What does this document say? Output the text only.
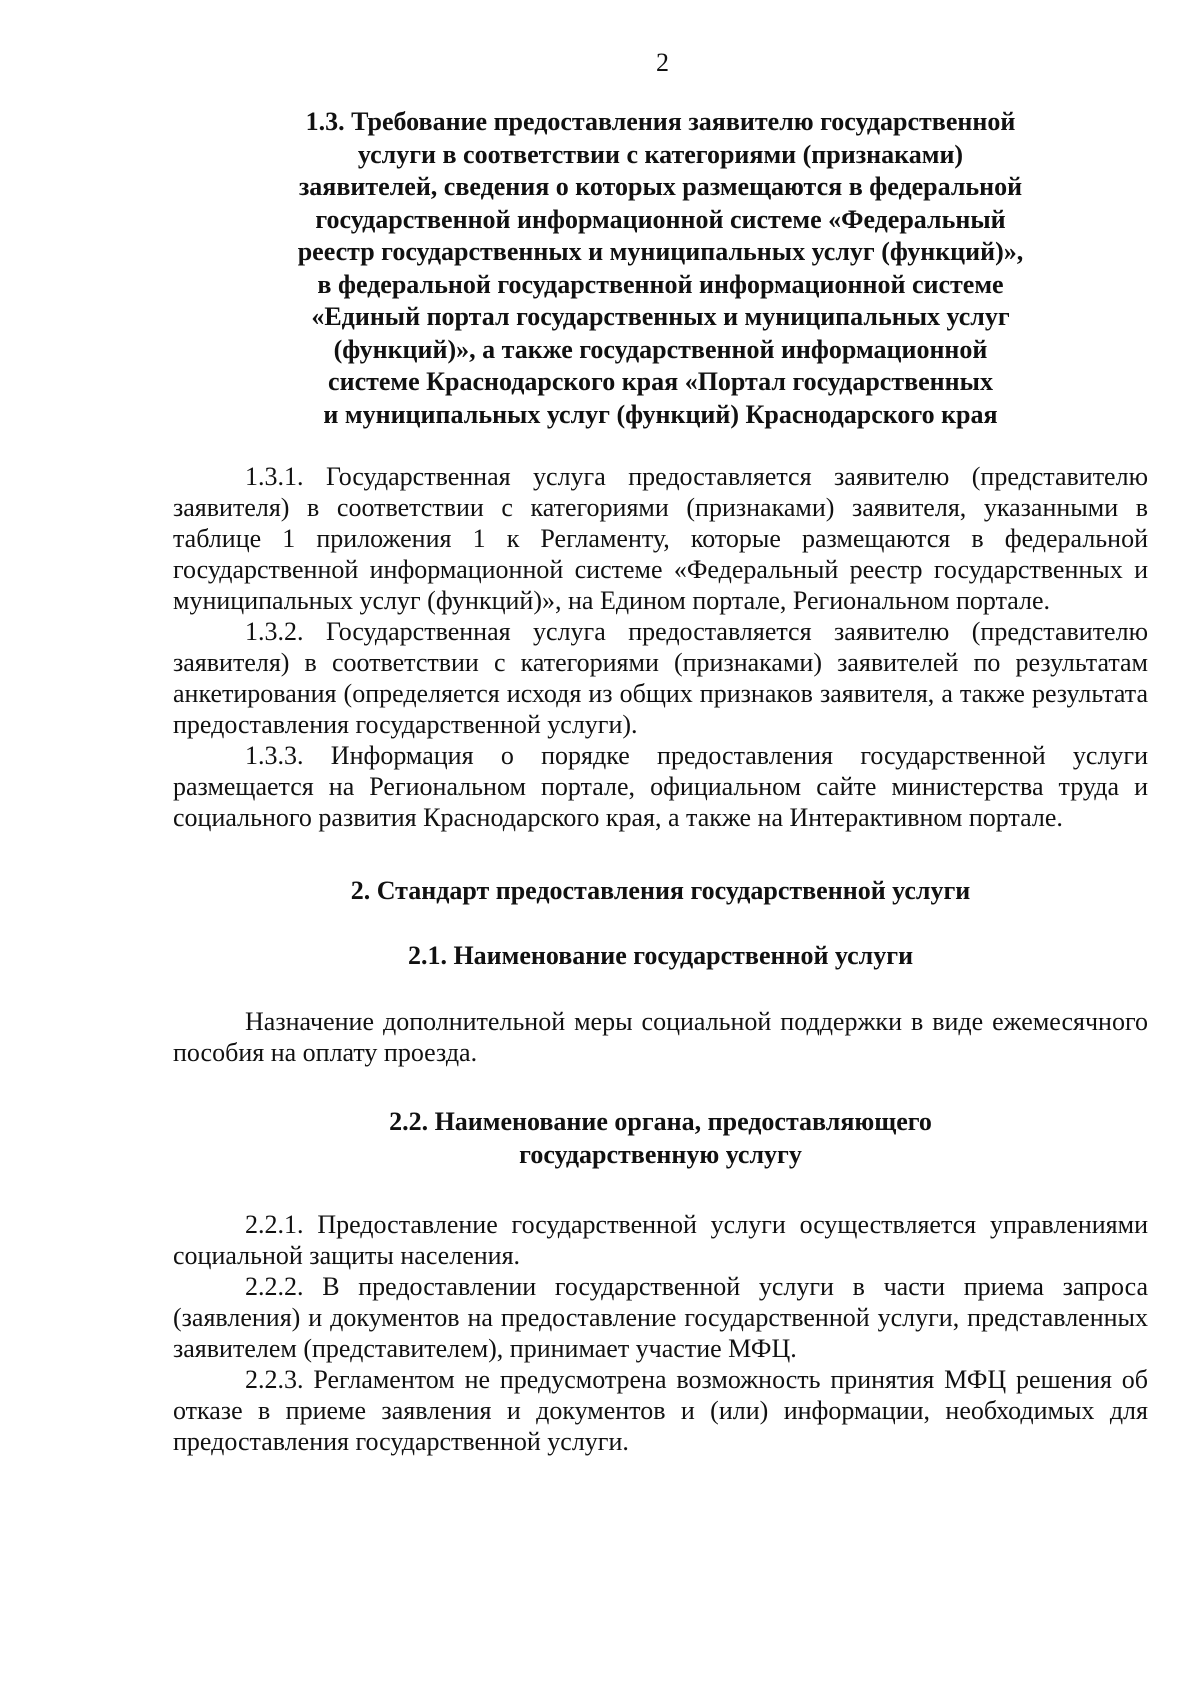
2
1.3. Требование предоставления заявителю государственной
услуги в соответствии с категориями (признаками)
заявителей, сведения о которых размещаются в федеральной
государственной информационной системе «Федеральный
реестр государственных и муниципальных услуг (функций)»,
в федеральной государственной информационной системе
«Единый портал государственных и муниципальных услуг
(функций)», а также государственной информационной
системе Краснодарского края «Портал государственных
и муниципальных услуг (функций) Краснодарского края

1.3.1. Государственная услуга предоставляется заявителю (представителю заявителя) в соответствии с категориями (признаками) заявителя, указанными в таблице 1 приложения 1 к Регламенту, которые размещаются в федеральной государственной информационной системе «Федеральный реестр государственных и муниципальных услуг (функций)», на Едином портале, Региональном портале.

1.3.2. Государственная услуга предоставляется заявителю (представителю заявителя) в соответствии с категориями (признаками) заявителей по результатам анкетирования (определяется исходя из общих признаков заявителя, а также результата предоставления государственной услуги).

1.3.3. Информация о порядке предоставления государственной услуги размещается на Региональном портале, официальном сайте министерства труда и социального развития Краснодарского края, а также на Интерактивном портале.

2. Стандарт предоставления государственной услуги
2.1. Наименование государственной услуги

Назначение дополнительной меры социальной поддержки в виде ежемесячного пособия на оплату проезда.

2.2. Наименование органа, предоставляющего
государственную услугу

2.2.1. Предоставление государственной услуги осуществляется управлениями социальной защиты населения.

2.2.2. В предоставлении государственной услуги в части приема запроса (заявления) и документов на предоставление государственной услуги, представленных заявителем (представителем), принимает участие МФЦ.

2.2.3. Регламентом не предусмотрена возможность принятия МФЦ решения об отказе в приеме заявления и документов и (или) информации, необходимых для предоставления государственной услуги.
